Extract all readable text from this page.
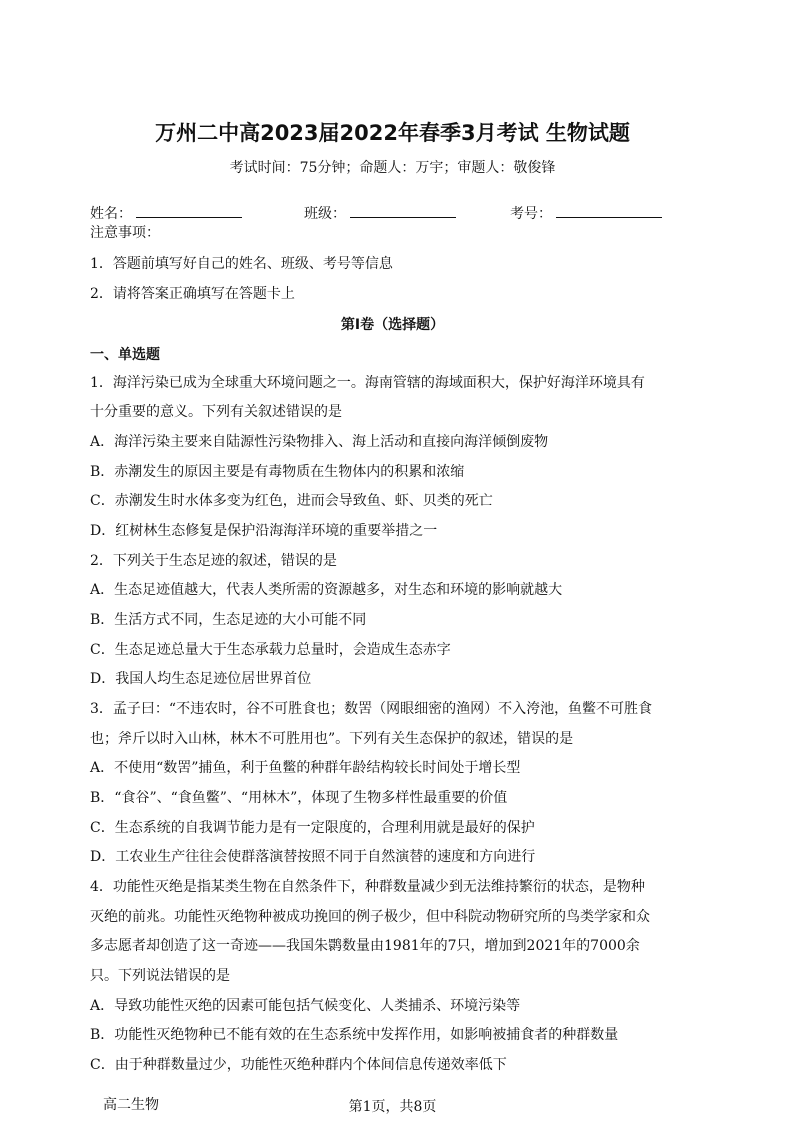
万州二中高2023届2022年春季3月考试 生物试题
考试时间：75分钟；命题人：万宇；审题人：敬俊锋
姓名：	班级：	考号：
注意事项：
1．答题前填写好自己的姓名、班级、考号等信息
2．请将答案正确填写在答题卡上
第I卷（选择题）
一、单选题
1．海洋污染已成为全球重大环境问题之一。海南管辖的海域面积大，保护好海洋环境具有
十分重要的意义。下列有关叙述错误的是
A．海洋污染主要来自陆源性污染物排入、海上活动和直接向海洋倾倒废物
B．赤潮发生的原因主要是有毒物质在生物体内的积累和浓缩
C．赤潮发生时水体多变为红色，进而会导致鱼、虾、贝类的死亡
D．红树林生态修复是保护沿海海洋环境的重要举措之一
2．下列关于生态足迹的叙述，错误的是
A．生态足迹值越大，代表人类所需的资源越多，对生态和环境的影响就越大
B．生活方式不同，生态足迹的大小可能不同
C．生态足迹总量大于生态承载力总量时，会造成生态赤字
D．我国人均生态足迹位居世界首位
3．孟子曰：“不违农时，谷不可胜食也；数罟（网眼细密的渔网）不入洿池，鱼鳖不可胜食
也；斧斤以时入山林，林木不可胜用也”。下列有关生态保护的叙述，错误的是
A．不使用“数罟”捕鱼，利于鱼鳖的种群年龄结构较长时间处于增长型
B．“食谷”、“食鱼鳖”、“用林木”，体现了生物多样性最重要的价值
C．生态系统的自我调节能力是有一定限度的，合理利用就是最好的保护
D．工农业生产往往会使群落演替按照不同于自然演替的速度和方向进行
4．功能性灭绝是指某类生物在自然条件下，种群数量减少到无法维持繁衍的状态，是物种
灭绝的前兆。功能性灭绝物种被成功挽回的例子极少，但中科院动物研究所的鸟类学家和众
多志愿者却创造了这一奇迹——我国朱鹮数量由1981年的7只，增加到2021年的7000余
只。下列说法错误的是
A．导致功能性灭绝的因素可能包括气候变化、人类捕杀、环境污染等
B．功能性灭绝物种已不能有效的在生态系统中发挥作用，如影响被捕食者的种群数量
C．由于种群数量过少，功能性灭绝种群内个体间信息传递效率低下
高二生物	第1页，共8页
